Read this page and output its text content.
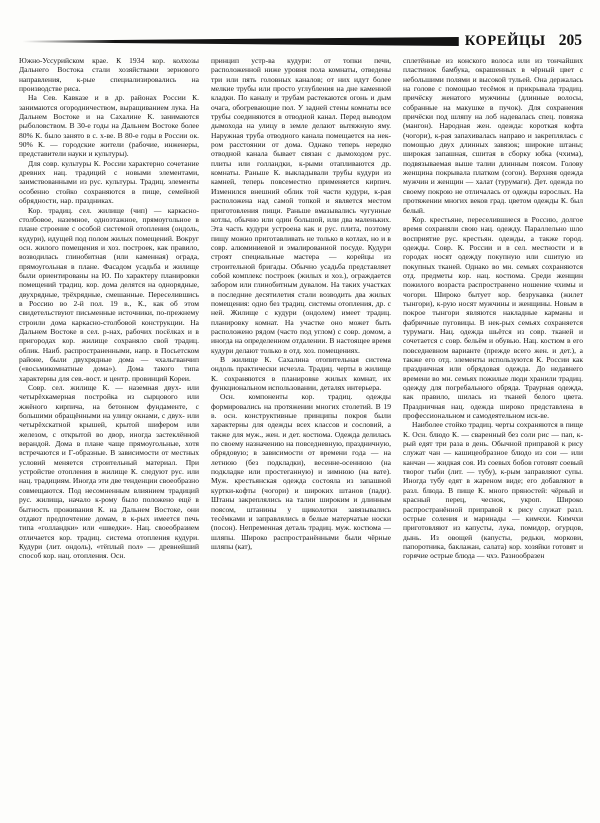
КОРЕЙЦЫ 205

Южно-Уссурийском крае. К 1934 кор. колхозы Дальнего Востока стали хозяйствами зернового направления, к-рые специализировались на производстве риса.

На Сев. Кавказе и в др. районах России К. занимаются огородничеством, выращиванием лука. На Дальнем Востоке и на Сахалине К. занимаются рыболовством. В 30-е годы на Дальнем Востоке более 80% К. было занято в с. х-ве. В 80-е годы в России ок. 90% К. — городские жители (рабочие, инженеры, представители науки и культуры).

Для совр. культуры К. России характерно сочетание древних нац. традиций с новыми элементами, заимствованными из рус. культуры. Традиц. элементы особенно стойко сохраняются в пище, семейной обрядности, нар. праздниках.

Кор. традиц. сел. жилище (чип) — каркасно-столбовое, наземное, одноэтажное, прямоугольное в плане строение с особой системой отопления (ондоль, кудури), идущей под полом жилых помещений. Вокруг осн. жилого помещения и хоз. построек, как правило, возводилась глинобитная (или каменная) ограда, прямоугольная в плане. Фасадом усадьба и жилище были ориентированы на Ю. По характеру планировки помещений традиц. кор. дома делятся на однорядные, двухрядные, трёхрядные, смешанные. Переселившись в Россию во 2-й пол. 19 в., К., как об этом свидетельствуют письменные источники, по-прежнему строили дома каркасно-столбовой конструкции. На Дальнем Востоке в сел. р-нах, рабочих посёлках и в пригородах кор. жилище сохраняло свой традиц. облик. Наиб. распространенными, напр. в Посьетском районе, были двухрядные дома — чхальгванчип («восьмикомнатные дома»). Дома такого типа характерны для сев.-вост. и центр. провинций Кореи.

Совр. сел. жилище К. — наземная двух- или четырёхкамерная постройка из сырцового или жжёного кирпича, на бетонном фундаменте, с большими обращёнными на улицу окнами, с двух- или четырёхскатной крышей, крытой шифером или железом, с открытой во двор, иногда застеклённой верандой. Дома в плане чаще прямоугольные, хотя встречаются и Г-образные. В зависимости от местных условий меняется строительный материал. При устройстве отопления в жилище К. следуют рус. или нац. традициям. Иногда эти две тенденции своеобразно совмещаются. Под несомненным влиянием традиций рус. жилища, начало к-рому было положено ещё в бытность проживания К. на Дальнем Востоке, они отдают предпочтение домам, в к-рых имеется печь типа «голландки» или «шведки». Нац. своеобразием отличается кор. традиц. система отопления кудури. Кудури (лит. ондоль), «тёплый пол» — древнейший способ кор. нац. отопления. Осн.

принцип устр-ва кудури: от топки печи, расположенной ниже уровня пола комнаты, отведены три или пять головных каналов; от них идут более мелкие трубы или просто углубления на дне каменной кладки. По каналу и трубам растекаются огонь и дым очага, обогревающие пол. У задней стены комнаты все трубы соединяются в отводной канал. Перед выводом дымохода на улицу в земле делают вытяжную яму. Наружная труба отводного канала помещается на нек-ром расстоянии от дома. Однако теперь нередко отводной канала бывает связан с дымоходом рус. плиты или голландки, к-рыми отапливаются др. комнаты. Раньше К. выкладывали трубы кудури из камней, теперь повсеместно применяется кирпич. Изменился внешний облик той части кудури, к-рая расположена над самой топкой и является местом приготовления пищи. Раньше вмазывались чугунные котлы, обычно или один большой, или два маленьких. Эта часть кудури устроена как и рус. плита, поэтому пищу можно приготавливать не только в котлах, но и в совр. алюминиевой и эмалированной посуде. Кудури строят специальные мастера — корейцы из строительной бригады. Обычно усадьба представляет собой комплекс построек (жилых и хоз.), ограждается забором или глинобитным дувалом. На таких участках в последние десятилетия стали возводить два жилых помещения: одно без традиц. системы отопления, др. с ней. Жилище с кудури (ондолем) имеет традиц. планировку комнат. На участке оно может быть расположено рядом (часто под углом) с совр. домом, а иногда на определенном отдалении. В настоящее время кудури делают только в отд. хоз. помещениях.

В жилище К. Сахалина отопительная система ондоль практически исчезла. Традиц. черты в жилище К. сохраняются в планировке жилых комнат, их функциональном использовании, деталях интерьера.

Осн. компоненты кор. традиц. одежды формировались на протяжении многих столетий. В 19 в. осн. конструктивные принципы покроя были характерны для одежды всех классов и сословий, а также для муж., жен. и дет. костюма. Одежда делилась по своему назначению на повседневную, праздничную, обрядовую; в зависимости от времени года — на летнюю (без подкладки), весенне-осеннюю (на подкладке или простеганную) и зимнюю (на вате). Муж. крестьянская одежда состояла из запашной куртки-кофты (чогори) и широких штанов (пади). Штаны закреплялись на талии широким и длинным поясом, штанины у щиколотки завязывались тесёмками и заправлялись в белые матерчатые носки (посон). Непременная деталь традиц. муж. костюма — шляпы. Широко распространёнными были чёрные шляпы (кат),

сплетённые из конского волоса или из тончайших пластинок бамбука, окрашенных в чёрный цвет с небольшими полями и высокой тульей. Она держалась на голове с помощью тесёмок и прикрывала традиц. причёску женатого мужчины (длинные волосы, собранные на макушке в пучок). Для сохранения причёски под шляпу на лоб надевалась спец. повязка (мангон). Народная жен. одежда: короткая кофта (чогори), к-рая запахивалась направо и закреплялась с помощью двух длинных завязок; широкие штаны; широкая запашная, сшитая в сборку юбка (чхима), подвязываемая выше талии длинным поясом. Голову женщина покрывала платком (согон). Верхняя одежда мужчин и женщин — халат (турумаги). Дет. одежда по своему покрою не отличалась от одежды взрослых. На протяжении многих веков град. цветом одежды К. был белый.

Кор. крестьяне, переселившиеся в Россию, долгое время сохраняли свою нац. одежду. Параллельно шло восприятие рус. крестьян. одежды, а также город. одежды. Совр. К. России и в сел. местности и в городах носят одежду покупную или сшитую из покупных тканей. Однако во мн. семьях сохраняются отд. предметы кор. нац. костюма. Среди женщин пожилого возраста распространено ношение чхимы и чогори. Широко бытует кор. безрукавка (жилет тынгори), к-рую носят мужчины и женщины. Новым в покрое тынгори являются накладные карманы и фабричные пуговицы. В нек-рых семьях сохраняется турумаги. Нац. одежда шьётся из совр. тканей и сочетается с совр. бельём и обувью. Нац. костюм в его повседневном варианте (прежде всего жен. и дет.), а также его отд. элементы используются К. России как праздничная или обрядовая одежда. До недавнего времени во мн. семьях пожилые люди хранили традиц. одежду для погребального обряда. Траурная одежда, как правило, шилась из тканей белого цвета. Праздничная нац. одежда широко представлена в профессиональном и самодеятельном иск-ве.

Наиболее стойко традиц. черты сохраняются в пище К. Осн. блюдо К. — сваренный без соли рис — пап, к-рый едят три раза в день. Обычной приправой к рису служат чан — кашицеобразное блюдо из сои — или канчан — жидкая соя. Из соевых бобов готовят соевый творог тыби (лит. — тубу), к-рым заправляют супы. Иногда тубу едят в жареном виде; его добавляют в разл. блюда. В пище К. много пряностей: чёрный и красный перец, чеснок, укроп. Широко распространённой приправой к рису служат разл. острые соления и маринады — кимчхи. Кимчхи приготовляют из капусты, лука, помидор, огурцов, дынь. Из овощей (капусты, редьки, моркови, папоротника, баклажан, салата) кор. хозяйки готовят и горячие острые блюда — чхэ. Разнообразен
